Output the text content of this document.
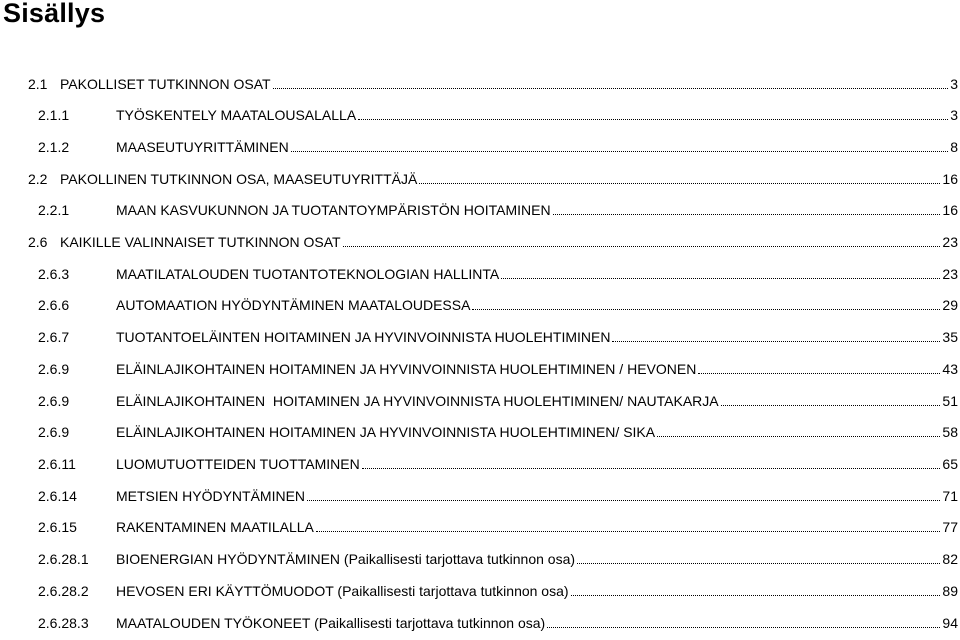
Sisällys
2.1 PAKOLLISET TUTKINNON OSAT	3
2.1.1	TYÖSKENTELY MAATALOUSALALLA	3
2.1.2	MAASEUTUYRITTÄMINEN	8
2.2 PAKOLLINEN TUTKINNON OSA, MAASEUTUYRITTÄJÄ	16
2.2.1	MAAN KASVUKUNNON JA TUOTANTOYMPÄRISTÖN HOITAMINEN	16
2.6 KAIKILLE VALINNAISET TUTKINNON OSAT	23
2.6.3	MAATILATALOUDEN TUOTANTOTEKNOLOGIAN HALLINTA	23
2.6.6	AUTOMAATION HYÖDYNTÄMINEN MAATALOUDESSA	29
2.6.7	TUOTANTOELÄINTEN HOITAMINEN JA HYVINVOINNISTA HUOLEHTIMINEN	35
2.6.9	ELÄINLAJIKOHTAINEN HOITAMINEN JA HYVINVOINNISTA HUOLEHTIMINEN / HEVONEN	43
2.6.9	ELÄINLAJIKOHTAINEN  HOITAMINEN JA HYVINVOINNISTA HUOLEHTIMINEN/ NAUTAKARJA	51
2.6.9	ELÄINLAJIKOHTAINEN HOITAMINEN JA HYVINVOINNISTA HUOLEHTIMINEN/ SIKA	58
2.6.11	LUOMUTUOTTEIDEN TUOTTAMINEN	65
2.6.14	METSIEN HYÖDYNTÄMINEN	71
2.6.15	RAKENTAMINEN MAATILALLA	77
2.6.28.1	BIOENERGIAN HYÖDYNTÄMINEN (Paikallisesti tarjottava tutkinnon osa)	82
2.6.28.2	HEVOSEN ERI KÄYTTÖMUODOT (Paikallisesti tarjottava tutkinnon osa)	89
2.6.28.3	MAATALOUDEN TYÖKONEET (Paikallisesti tarjottava tutkinnon osa)	94
